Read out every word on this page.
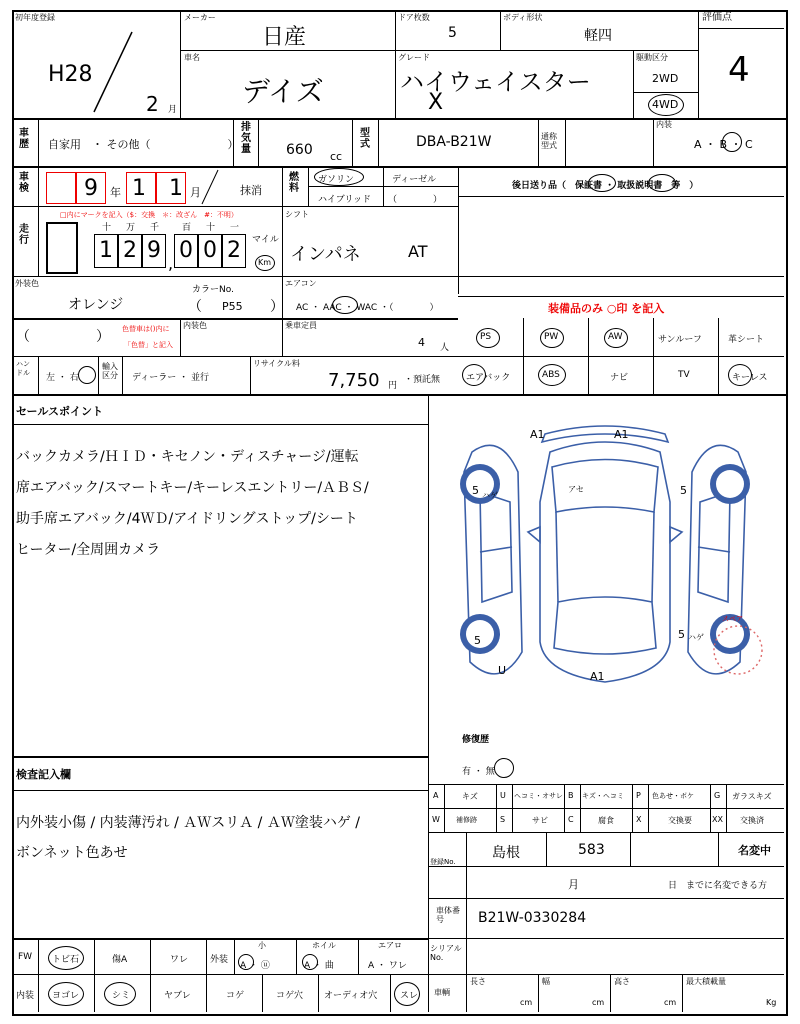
初年度登録
H28
2 月
メーカー
日産
ドア枚数
5
ボディ形状
軽四
評価点
4
車名
デイズ
グレード
ハイウェイスター
X
駆動区分
2WD
4WD
車歴 自家用　・ その他（　　　　　　　）
排気量	660 cc
型式	DBA-B21W	通称型式
内装
A ・ B ・ C
車検	9 年 1 1 月	抹消
燃料
ガソリン	ディーゼル
ハイブリッド （　　　　）
後日送り品（　保証書 ・ 取扱説明書　等　）
走行
□内にマークを記入（$：交換　＊：改ざん　#：不明）
十 万 千	百 十 一
1 2 9
,
0 0 2	マイル
Km
シフト
インパネ	AT
外装色
オレンジ
カラーNo.
（ P55 ）
エアコン
AC ・ AAC ・ WAC ・（　　　　）	装備品のみ ○印 を記入
（	） 色替車は()内に
「色替」と記入
内装色	乗車定員
4 人
PS	PW	AW	サンルーフ	革シート
エアバック	ABS	ナビ	TV	キーレス
ハンドル	左 ・ 右
輸入区分 ディーラー ・ 並行
リサイクル料
7,750 円
・預託無
セールスポイント
バックカメラ/ＨＩＤ・キセノン・ディスチャージ/運転
席エアバック/スマートキー/キーレスエントリー/ＡＢＳ/
助手席エアバック/4ＷＤ/アイドリングストップ/シート
ヒーター/全周囲カメラ
A1	A1
5 ハゲ
アセ	5
5	5 ハゲ
U	A1
スペア
修復歴
有 ・ 無
A	キズ	U ヘコミ・オサレ B キズ・ヘコミ P 色あせ・ボケ	G ガラスキズ
W 補修跡	S	サビ	C	腐食	X	交換要	XX 交換済
検査記入欄
内外装小傷 / 内装薄汚れ / ＡＷスリＡ / ＡＷ塗装ハゲ /
ボンネット色あせ
登録No.
島根	583	名変中
月	日　までに名変できる方
車体番号	B21W-0330284
FW トビ石	傷A	ワレ 外装
小
A ・ ⓤ
ホイル
A ・ 曲
エアロ
A ・ ワレ
内装 ヨゴレ	シミ	ヤブレ	コゲ	コゲ穴 オーディオ穴	スレ
シリアルNo.
車輌
長さ
cm
幅
cm
高さ
cm
最大積載量
Kg
